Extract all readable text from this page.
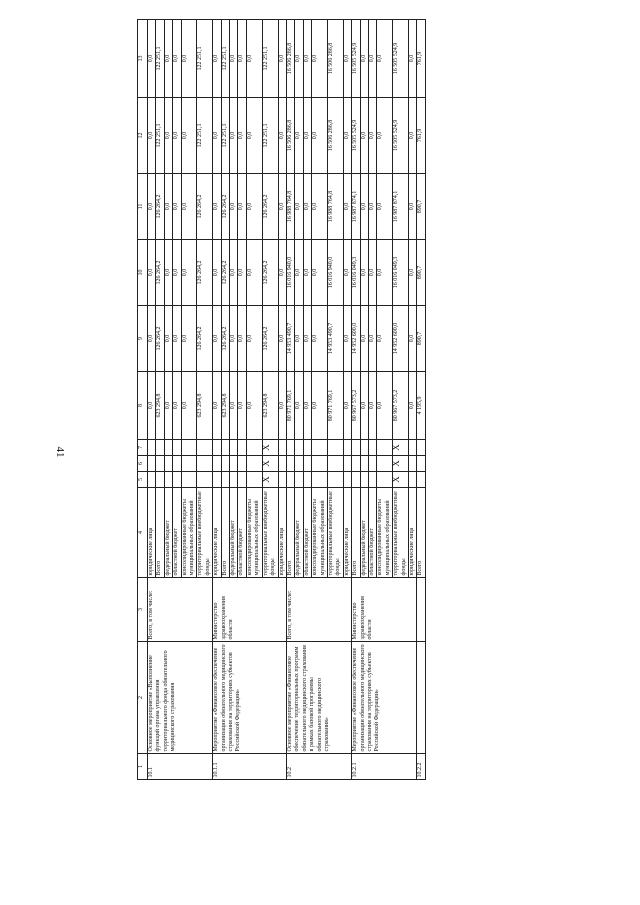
41
1	2	3	4	5	6	7	8	9	10	11	12	13
10.1	Основное мероприятие «Выполнение функций органа управления территориального фонда обязательного медицинского страхования	Всего, в том числе:	юридические лица				0,0	0,0	0,0	0,0	0,0	0,0
			Всего				623 294,8	126 264,2	126 264,2	126 264,2	122 251,1	122 251,1
			федеральный бюджет				0,0	0,0	0,0	0,0	0,0	0,0
			областной бюджет				0,0	0,0	0,0	0,0	0,0	0,0
			консолидированные бюджеты муниципальных образований				0,0	0,0	0,0	0,0	0,0	0,0
			территориальные внебюджетные фонды				623 294,8	126 264,2	126 264,2	126 264,2	122 251,1	122 251,1
10.1.1	Мероприятие «Финансовое обеспечение организации обязательного медицинского страхования на территориях субъектов Российской Федерации»	Министерство здравоохранения области	юридические лица				0,0	0,0	0,0	0,0	0,0	0,0
			Всего				623 294,8	126 264,2	126 264,2	126 264,2	122 251,1	122 251,1
			федеральный бюджет				0,0	0,0	0,0	0,0	0,0	0,0
			областной бюджет				0,0	0,0	0,0	0,0	0,0	0,0
			консолидированные бюджеты муниципальных образований				0,0	0,0	0,0	0,0	0,0	0,0
			территориальные внебюджетные фонды	X	X	X	623 294,8	126 264,2	126 264,2	126 264,2	122 251,1	122 251,1
			юридические лица				0,0	0,0	0,0	0,0	0,0	0,0
10.2	Основное мероприятие «Финансовое обеспечение территориальных программ обязательного медицинского страхования в рамках базовой программы обязательного медицинского страхования»	Всего, в том числе:	Всего				80 971 769,1	14 953 490,7	16 016 940,0	16 988 764,8	16 506 286,8	16 506 286,8
			федеральный бюджет				0,0	0,0	0,0	0,0	0,0	0,0
			областной бюджет				0,0	0,0	0,0	0,0	0,0	0,0
			консолидированные бюджеты муниципальных образований				0,0	0,0	0,0	0,0	0,0	0,0
			территориальные внебюджетные фонды				80 971 769,1	14 953 490,7	16 016 940,0	16 988 764,8	16 506 286,8	16 506 286,8
			юридические лица				0,0	0,0	0,0	0,0	0,0	0,0
10.2.1	Мероприятие «Финансовое обеспечение организации обязательного медицинского страхования на территориях субъектов Российской Федерации»	Министерство здравоохранения области	Всего				80 967 573,2	14 952 600,0	16 016 049,3	16 987 874,1	16 505 524,9	16 505 524,9
			федеральный бюджет				0,0	0,0	0,0	0,0	0,0	0,0
			областной бюджет				0,0	0,0	0,0	0,0	0,0	0,0
			консолидированные бюджеты муниципальных образований				0,0	0,0	0,0	0,0	0,0	0,0
			территориальные внебюджетные фонды	X	X	X	80 967 573,2	14 952 600,0	16 016 049,3	16 987 874,1	16 505 524,9	16 505 524,9
			юридические лица				0,0	0,0	0,0	0,0	0,0	0,0
10.2.2			Всего				4 195,9	890,7	890,7	890,7	761,9	761,9
